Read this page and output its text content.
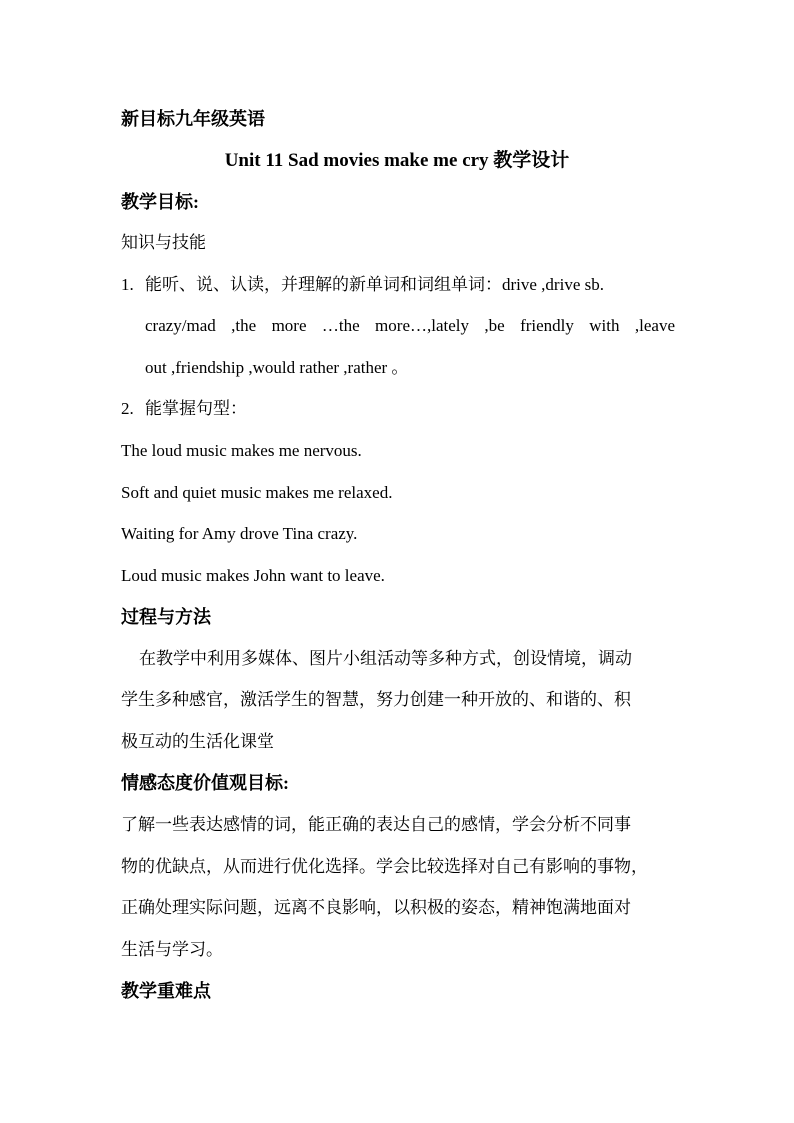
新目标九年级英语
Unit 11 Sad movies make me cry 教学设计
教学目标:
知识与技能
1. 能听、说、认读，并理解的新单词和词组单词：drive ,drive sb.
crazy/mad ,the more …the more…,lately ,be friendly with ,leave
out ,friendship ,would rather ,rather 。
2. 能掌握句型：
The loud music makes me nervous.
Soft and quiet music makes me relaxed.
Waiting for Amy drove Tina crazy.
Loud music makes John want to leave.
过程与方法
在教学中利用多媒体、图片小组活动等多种方式，创设情境，调动
学生多种感官，激活学生的智慧，努力创建一种开放的、和谐的、积
极互动的生活化课堂
情感态度价值观目标:
了解一些表达感情的词，能正确的表达自己的感情，学会分析不同事
物的优缺点，从而进行优化选择。学会比较选择对自己有影响的事物，
正确处理实际问题，远离不良影响，以积极的姿态，精神饱满地面对
生活与学习。
教学重难点
